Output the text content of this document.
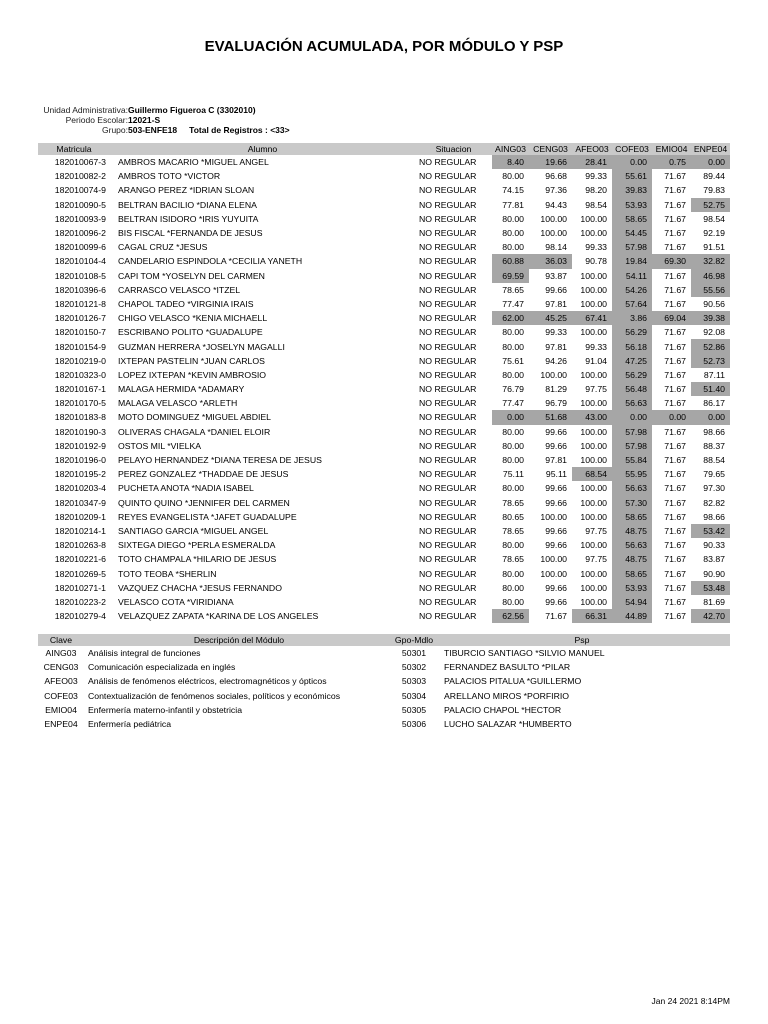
EVALUACIÓN ACUMULADA, POR MÓDULO Y PSP
Unidad Administrativa: Guillermo Figueroa C (3302010)
Periodo Escolar: 12021-S
Grupo: 503-ENFE18 Total de Registros : <33>
Matricula	Alumno	Situacion	AING03	CENG03	AFEO03	COFE03	EMIO04	ENPE04
182010067-3	AMBROS MACARIO *MIGUEL ANGEL	NO REGULAR	8.40	19.66	28.41	0.00	0.75	0.00
182010082-2	AMBROS TOTO *VICTOR	NO REGULAR	80.00	96.68	99.33	55.61	71.67	89.44
182010074-9	ARANGO PEREZ *IDRIAN SLOAN	NO REGULAR	74.15	97.36	98.20	39.83	71.67	79.83
182010090-5	BELTRAN BACILIO *DIANA ELENA	NO REGULAR	77.81	94.43	98.54	53.93	71.67	52.75
182010093-9	BELTRAN ISIDORO *IRIS YUYUITA	NO REGULAR	80.00	100.00	100.00	58.65	71.67	98.54
182010096-2	BIS FISCAL *FERNANDA DE JESUS	NO REGULAR	80.00	100.00	100.00	54.45	71.67	92.19
182010099-6	CAGAL CRUZ *JESUS	NO REGULAR	80.00	98.14	99.33	57.98	71.67	91.51
182010104-4	CANDELARIO ESPINDOLA *CECILIA YANETH	NO REGULAR	60.88	36.03	90.78	19.84	69.30	32.82
182010108-5	CAPI TOM *YOSELYN DEL CARMEN	NO REGULAR	69.59	93.87	100.00	54.11	71.67	46.98
182010396-6	CARRASCO VELASCO *ITZEL	NO REGULAR	78.65	99.66	100.00	54.26	71.67	55.56
182010121-8	CHAPOL TADEO *VIRGINIA IRAIS	NO REGULAR	77.47	97.81	100.00	57.64	71.67	90.56
182010126-7	CHIGO VELASCO *KENIA MICHAELL	NO REGULAR	62.00	45.25	67.41	3.86	69.04	39.38
182010150-7	ESCRIBANO POLITO *GUADALUPE	NO REGULAR	80.00	99.33	100.00	56.29	71.67	92.08
182010154-9	GUZMAN HERRERA *JOSELYN MAGALLI	NO REGULAR	80.00	97.81	99.33	56.18	71.67	52.86
182010219-0	IXTEPAN PASTELIN *JUAN CARLOS	NO REGULAR	75.61	94.26	91.04	47.25	71.67	52.73
182010323-0	LOPEZ IXTEPAN *KEVIN AMBROSIO	NO REGULAR	80.00	100.00	100.00	56.29	71.67	87.11
182010167-1	MALAGA HERMIDA *ADAMARY	NO REGULAR	76.79	81.29	97.75	56.48	71.67	51.40
182010170-5	MALAGA VELASCO *ARLETH	NO REGULAR	77.47	96.79	100.00	56.63	71.67	86.17
182010183-8	MOTO DOMINGUEZ *MIGUEL ABDIEL	NO REGULAR	0.00	51.68	43.00	0.00	0.00	0.00
182010190-3	OLIVERAS CHAGALA *DANIEL ELOIR	NO REGULAR	80.00	99.66	100.00	57.98	71.67	98.66
182010192-9	OSTOS MIL *VIELKA	NO REGULAR	80.00	99.66	100.00	57.98	71.67	88.37
182010196-0	PELAYO HERNANDEZ *DIANA TERESA DE JESUS	NO REGULAR	80.00	97.81	100.00	55.84	71.67	88.54
182010195-2	PEREZ GONZALEZ *THADDAE DE JESUS	NO REGULAR	75.11	95.11	68.54	55.95	71.67	79.65
182010203-4	PUCHETA ANOTA *NADIA ISABEL	NO REGULAR	80.00	99.66	100.00	56.63	71.67	97.30
182010347-9	QUINTO QUINO *JENNIFER DEL CARMEN	NO REGULAR	78.65	99.66	100.00	57.30	71.67	82.82
182010209-1	REYES EVANGELISTA *JAFET GUADALUPE	NO REGULAR	80.65	100.00	100.00	58.65	71.67	98.66
182010214-1	SANTIAGO GARCIA *MIGUEL ANGEL	NO REGULAR	78.65	99.66	97.75	48.75	71.67	53.42
182010263-8	SIXTEGA DIEGO *PERLA ESMERALDA	NO REGULAR	80.00	99.66	100.00	56.63	71.67	90.33
182010221-6	TOTO CHAMPALA *HILARIO DE JESUS	NO REGULAR	78.65	100.00	97.75	48.75	71.67	83.87
182010269-5	TOTO TEOBA *SHERLIN	NO REGULAR	80.00	100.00	100.00	58.65	71.67	90.90
182010271-1	VAZQUEZ CHACHA *JESUS FERNANDO	NO REGULAR	80.00	99.66	100.00	53.93	71.67	53.48
182010223-2	VELASCO COTA *VIRIDIANA	NO REGULAR	80.00	99.66	100.00	54.94	71.67	81.69
182010279-4	VELAZQUEZ ZAPATA *KARINA DE LOS ANGELES	NO REGULAR	62.56	71.67	66.31	44.89	71.67	42.70
Clave	Descripción del Módulo	Gpo-Mdlo	Psp
AING03	Análisis integral de funciones	50301	TIBURCIO SANTIAGO *SILVIO MANUEL
CENG03	Comunicación especializada en inglés	50302	FERNANDEZ BASULTO *PILAR
AFEO03	Análisis de fenómenos eléctricos, electromagnéticos y ópticos	50303	PALACIOS PITALUA *GUILLERMO
COFE03	Contextualización de fenómenos sociales, políticos y económicos	50304	ARELLANO MIROS *PORFIRIO
EMIO04	Enfermería materno-infantil y obstetricia	50305	PALACIO CHAPOL *HECTOR
ENPE04	Enfermería pediátrica	50306	LUCHO SALAZAR *HUMBERTO
Jan 24 2021 8:14PM
